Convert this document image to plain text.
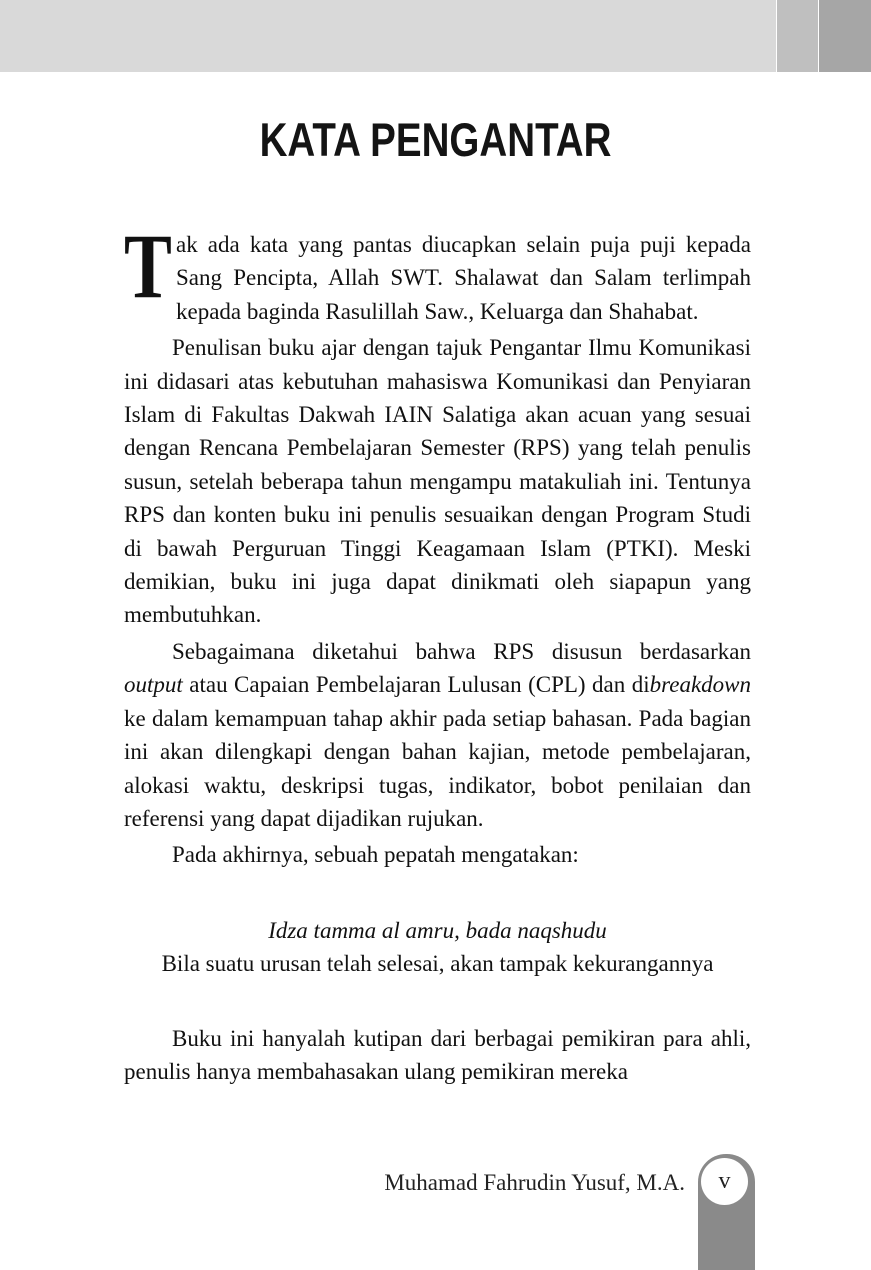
KATA PENGANTAR

Tak ada kata yang pantas diucapkan selain puja puji kepada Sang Pencipta, Allah SWT. Shalawat dan Salam terlimpah kepada baginda Rasulillah Saw., Keluarga dan Shahabat.

Penulisan buku ajar dengan tajuk Pengantar Ilmu Komunikasi ini didasari atas kebutuhan mahasiswa Komunikasi dan Penyiaran Islam di Fakultas Dakwah IAIN Salatiga akan acuan yang sesuai dengan Rencana Pembelajaran Semester (RPS) yang telah penulis susun, setelah beberapa tahun mengampu matakuliah ini. Tentunya RPS dan konten buku ini penulis sesuaikan dengan Program Studi di bawah Perguruan Tinggi Keagamaan Islam (PTKI). Meski demikian, buku ini juga dapat dinikmati oleh siapapun yang membutuhkan.

Sebagaimana diketahui bahwa RPS disusun berdasarkan output atau Capaian Pembelajaran Lulusan (CPL) dan dibreakdown ke dalam kemampuan tahap akhir pada setiap bahasan. Pada bagian ini akan dilengkapi dengan bahan kajian, metode pembelajaran, alokasi waktu, deskripsi tugas, indikator, bobot penilaian dan referensi yang dapat dijadikan rujukan.

Pada akhirnya, sebuah pepatah mengatakan:

Idza tamma al amru, bada naqshudu
Bila suatu urusan telah selesai, akan tampak kekurangannya

Buku ini hanyalah kutipan dari berbagai pemikiran para ahli, penulis hanya membahasakan ulang pemikiran mereka

Muhamad Fahrudin Yusuf, M.A. v
